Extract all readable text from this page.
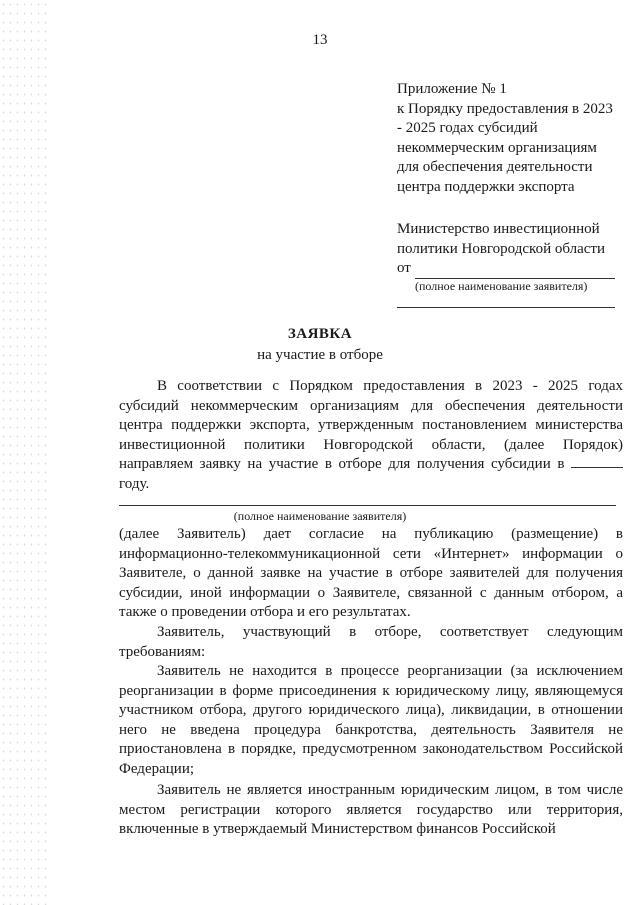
13
Приложение № 1
к Порядку предоставления в 2023
- 2025 годах субсидий
некоммерческим организациям
для обеспечения деятельности
центра поддержки экспорта
Министерство инвестиционной
политики Новгородской области
от
(полное наименование заявителя)
ЗАЯВКА
на участие в отборе
В соответствии с Порядком предоставления в 2023 - 2025 годах субсидий некоммерческим организациям для обеспечения деятельности центра поддержки экспорта, утвержденным постановлением министерства инвестиционной политики Новгородской области, (далее Порядок) направляем заявку на участие в отборе для получения субсидии в  году.
(полное наименование заявителя)
(далее Заявитель) дает согласие на публикацию (размещение) в информационно-телекоммуникационной сети «Интернет» информации о Заявителе, о данной заявке на участие в отборе заявителей для получения субсидии, иной информации о Заявителе, связанной с данным отбором, а также о проведении отбора и его результатах.
Заявитель, участвующий в отборе, соответствует следующим требованиям:
Заявитель не находится в процессе реорганизации (за исключением реорганизации в форме присоединения к юридическому лицу, являющемуся участником отбора, другого юридического лица), ликвидации, в отношении него не введена процедура банкротства, деятельность Заявителя не приостановлена в порядке, предусмотренном законодательством Российской Федерации;
Заявитель не является иностранным юридическим лицом, в том числе местом регистрации которого является государство или территория, включенные в утверждаемый Министерством финансов Российской
